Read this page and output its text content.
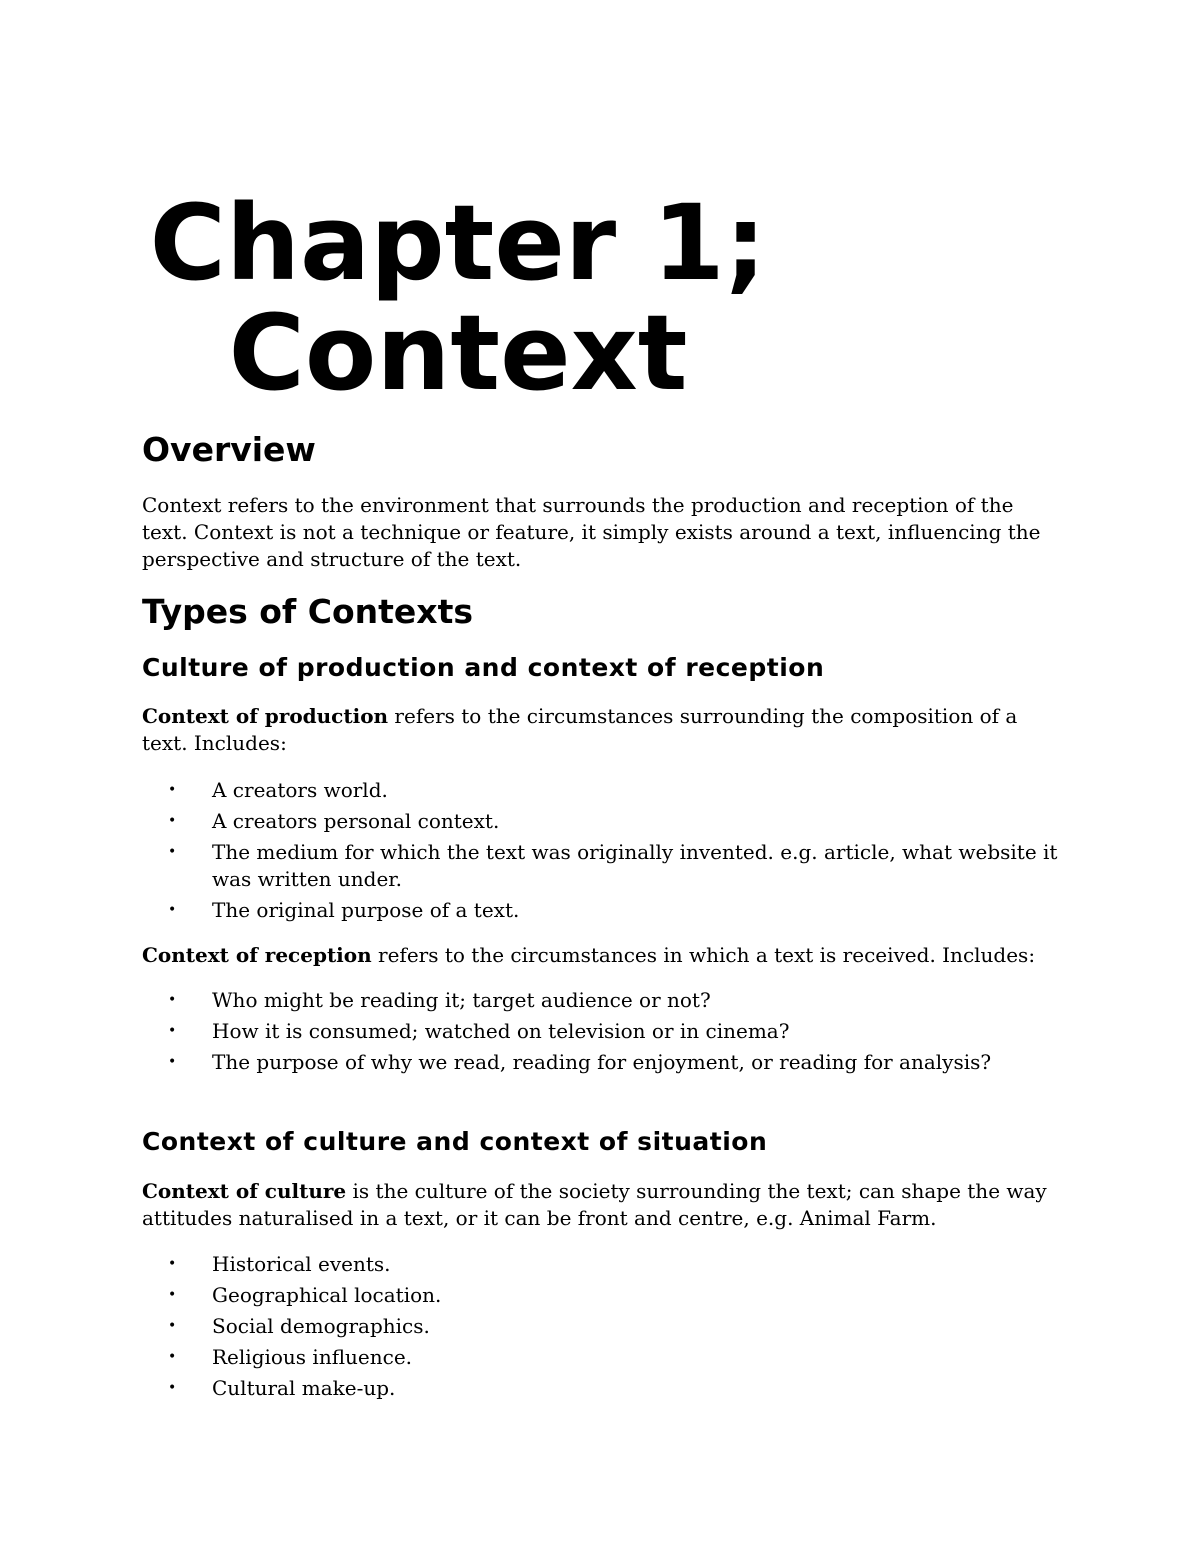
Chapter 1;
Context
Overview

Context refers to the environment that surrounds the production and reception of the text. Context is not a technique or feature, it simply exists around a text, influencing the perspective and structure of the text.

Types of Contexts
Culture of production and context of reception

Context of production refers to the circumstances surrounding the composition of a text. Includes:

• A creators world.
• A creators personal context.
• The medium for which the text was originally invented. e.g. article, what website it was written under.
• The original purpose of a text.

Context of reception refers to the circumstances in which a text is received. Includes:

• Who might be reading it; target audience or not?
• How it is consumed; watched on television or in cinema?
• The purpose of why we read, reading for enjoyment, or reading for analysis?
Context of culture and context of situation

Context of culture is the culture of the society surrounding the text; can shape the way attitudes naturalised in a text, or it can be front and centre, e.g. Animal Farm.

• Historical events.
• Geographical location.
• Social demographics.
• Religious influence.
• Cultural make-up.
